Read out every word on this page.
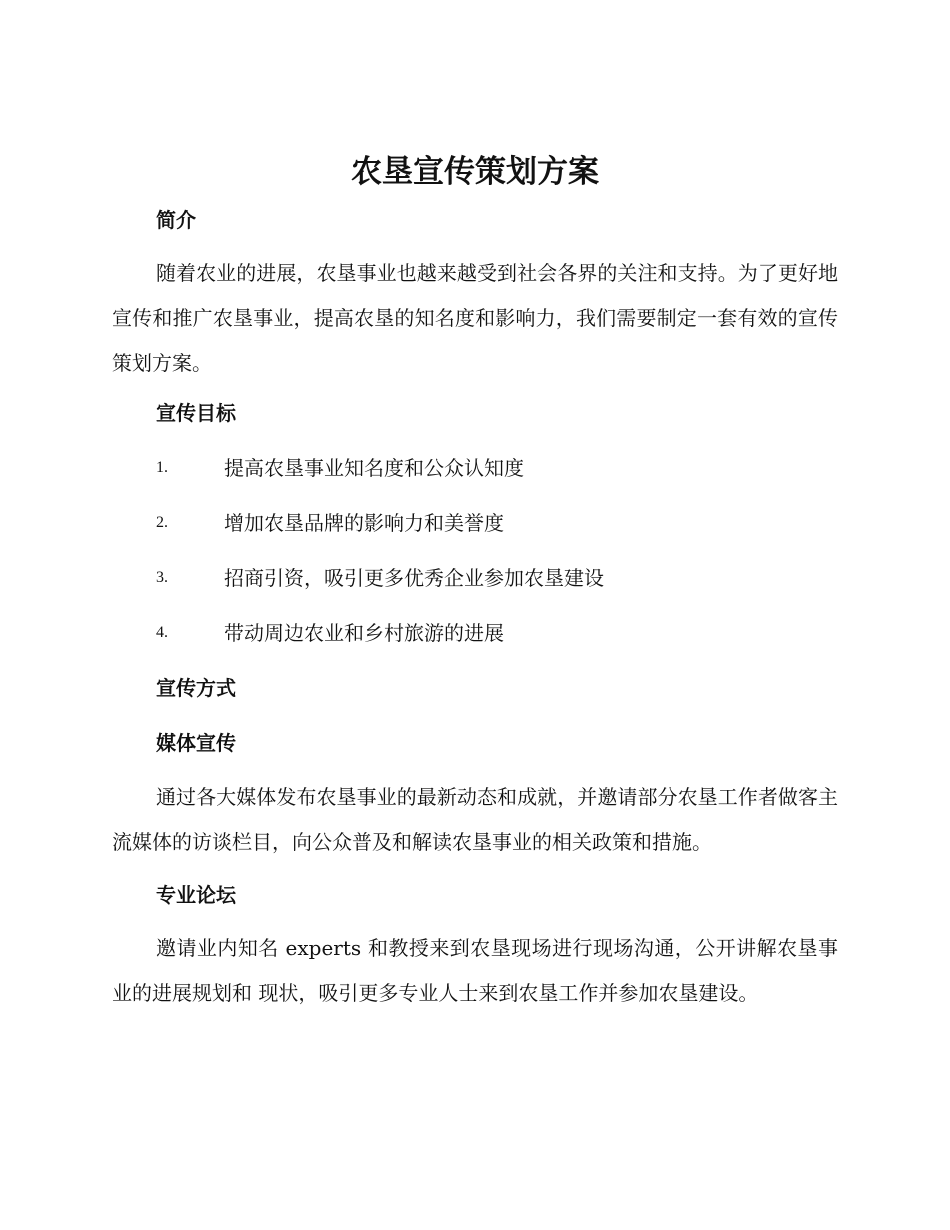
农垦宣传策划方案
简介
随着农业的进展，农垦事业也越来越受到社会各界的关注和支持。为了更好地宣传和推广农垦事业，提高农垦的知名度和影响力，我们需要制定一套有效的宣传策划方案。
宣传目标
1.	提高农垦事业知名度和公众认知度
2.	增加农垦品牌的影响力和美誉度
3.	招商引资，吸引更多优秀企业参加农垦建设
4.	带动周边农业和乡村旅游的进展
宣传方式
媒体宣传
通过各大媒体发布农垦事业的最新动态和成就，并邀请部分农垦工作者做客主流媒体的访谈栏目，向公众普及和解读农垦事业的相关政策和措施。
专业论坛
邀请业内知名 experts 和教授来到农垦现场进行现场沟通，公开讲解农垦事业的进展规划和 现状，吸引更多专业人士来到农垦工作并参加农垦建设。
